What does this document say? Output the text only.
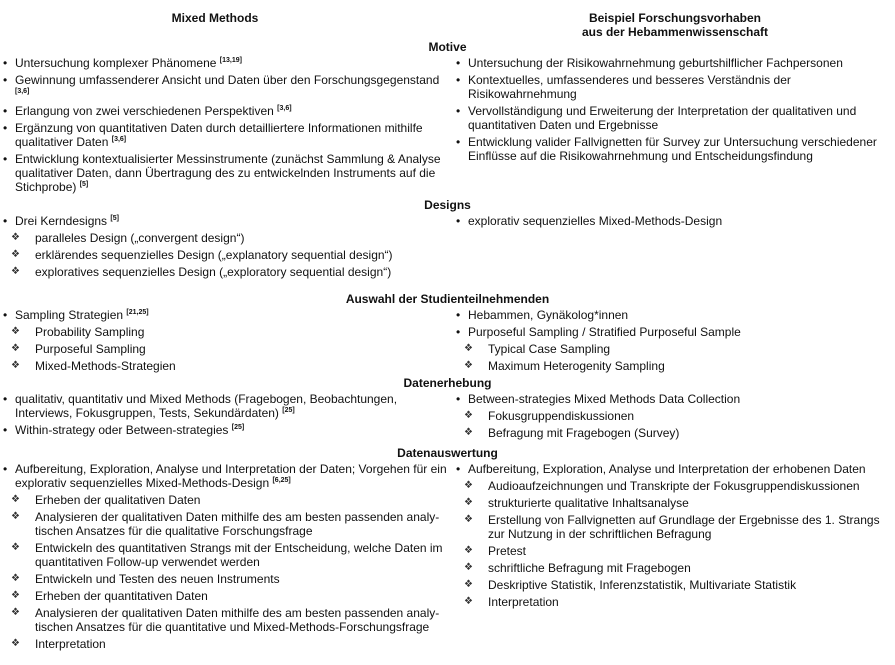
Mixed Methods	Beispiel Forschungsvorhaben
aus der Hebammenwissenschaft
Motive
• Untersuchung komplexer Phänomene [13,19]
• Gewinnung umfassenderer Ansicht und Daten über den Forschungsgegenstand [3,6]
• Erlangung von zwei verschiedenen Perspektiven [3,6]
• Ergänzung von quantitativen Daten durch detailliertere Informationen mithilfe qualitativer Daten [3,6]
• Entwicklung kontextualisierter Messinstrumente (zunächst Sammlung & Analyse qualitativer Daten, dann Übertragung des zu entwickelnden Instruments auf die Stichprobe) [5]
• Untersuchung der Risikowahrnehmung geburtshilflicher Fachpersonen
• Kontextuelles, umfassenderes und besseres Verständnis der Risikowahrnehmung
• Vervollständigung und Erweiterung der Interpretation der qualitativen und quantitativen Daten und Ergebnisse
• Entwicklung valider Fallvignetten für Survey zur Untersuchung verschiedener Einflüsse auf die Risikowahrnehmung und Entscheidungsfindung
Designs
• Drei Kerndesigns [5]
❖ paralleles Design („convergent design“)
❖ erklärendes sequenzielles Design („explanatory sequential design“)
❖ exploratives sequenzielles Design („exploratory sequential design“)
• explorativ sequenzielles Mixed-Methods-Design
Auswahl der Studienteilnehmenden
• Sampling Strategien [21,25]
❖ Probability Sampling
❖ Purposeful Sampling
❖ Mixed-Methods-Strategien
• Hebammen, Gynäkolog*innen
• Purposeful Sampling / Stratified Purposeful Sample
❖ Typical Case Sampling
❖ Maximum Heterogenity Sampling
Datenerhebung
• qualitativ, quantitativ und Mixed Methods (Fragebogen, Beobachtungen, Interviews, Fokusgruppen, Tests, Sekundärdaten) [25]
• Within-strategy oder Between-strategies [25]
• Between-strategies Mixed Methods Data Collection
❖ Fokusgruppendiskussionen
❖ Befragung mit Fragebogen (Survey)
Datenauswertung
• Aufbereitung, Exploration, Analyse und Interpretation der Daten; Vorgehen für ein explorativ sequenzielles Mixed-Methods-Design [6,25]
❖ Erheben der qualitativen Daten
❖ Analysieren der qualitativen Daten mithilfe des am besten passenden analy-tischen Ansatzes für die qualitative Forschungsfrage
❖ Entwickeln des quantitativen Strangs mit der Entscheidung, welche Daten im quantitativen Follow-up verwendet werden
❖ Entwickeln und Testen des neuen Instruments
❖ Erheben der quantitativen Daten
❖ Analysieren der qualitativen Daten mithilfe des am besten passenden analy-tischen Ansatzes für die quantitative und Mixed-Methods-Forschungsfrage
❖ Interpretation
• Aufbereitung, Exploration, Analyse und Interpretation der erhobenen Daten
❖ Audioaufzeichnungen und Transkripte der Fokusgruppendiskussionen
❖ strukturierte qualitative Inhaltsanalyse
❖ Erstellung von Fallvignetten auf Grundlage der Ergebnisse des 1. Strangs zur Nutzung in der schriftlichen Befragung
❖ Pretest
❖ schriftliche Befragung mit Fragebogen
❖ Deskriptive Statistik, Inferenzstatistik, Multivariate Statistik
❖ Interpretation
